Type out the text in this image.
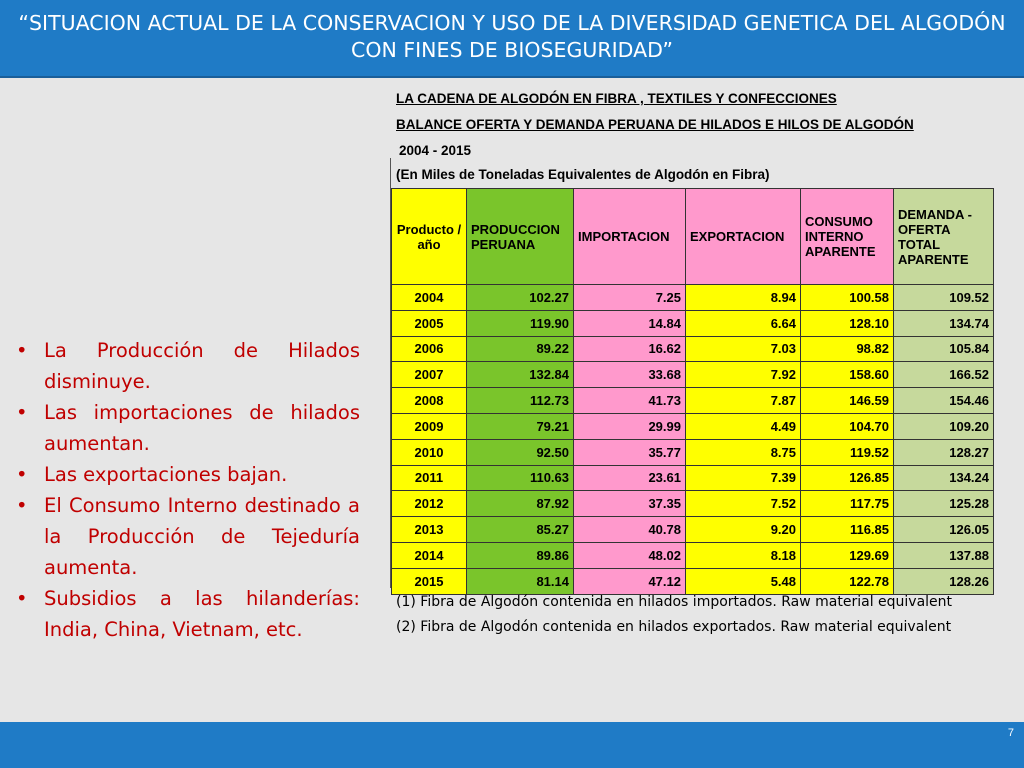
“SITUACION ACTUAL DE LA CONSERVACION Y USO DE LA DIVERSIDAD GENETICA DEL ALGODÓN CON FINES DE BIOSEGURIDAD”
• La Producción de Hilados disminuye.
• Las importaciones de hilados aumentan.
• Las exportaciones bajan.
• El Consumo Interno destinado a la Producción de Tejeduría aumenta.
• Subsidios a las hilanderías: India, China, Vietnam, etc.
LA CADENA DE ALGODÓN EN FIBRA , TEXTILES Y CONFECCIONES
BALANCE OFERTA Y DEMANDA PERUANA DE HILADOS E HILOS DE ALGODÓN
2004 - 2015
(En Miles de Toneladas Equivalentes de Algodón en Fibra)
Producto / año	PRODUCCION PERUANA	IMPORTACION	EXPORTACION	CONSUMO INTERNO APARENTE	DEMANDA - OFERTA TOTAL APARENTE
2004	102.27	7.25	8.94	100.58	109.52
2005	119.90	14.84	6.64	128.10	134.74
2006	89.22	16.62	7.03	98.82	105.84
2007	132.84	33.68	7.92	158.60	166.52
2008	112.73	41.73	7.87	146.59	154.46
2009	79.21	29.99	4.49	104.70	109.20
2010	92.50	35.77	8.75	119.52	128.27
2011	110.63	23.61	7.39	126.85	134.24
2012	87.92	37.35	7.52	117.75	125.28
2013	85.27	40.78	9.20	116.85	126.05
2014	89.86	48.02	8.18	129.69	137.88
2015	81.14	47.12	5.48	122.78	128.26
(1) Fibra de Algodón contenida en hilados importados. Raw material equivalent
(2) Fibra de Algodón contenida en hilados exportados. Raw material equivalent
7
